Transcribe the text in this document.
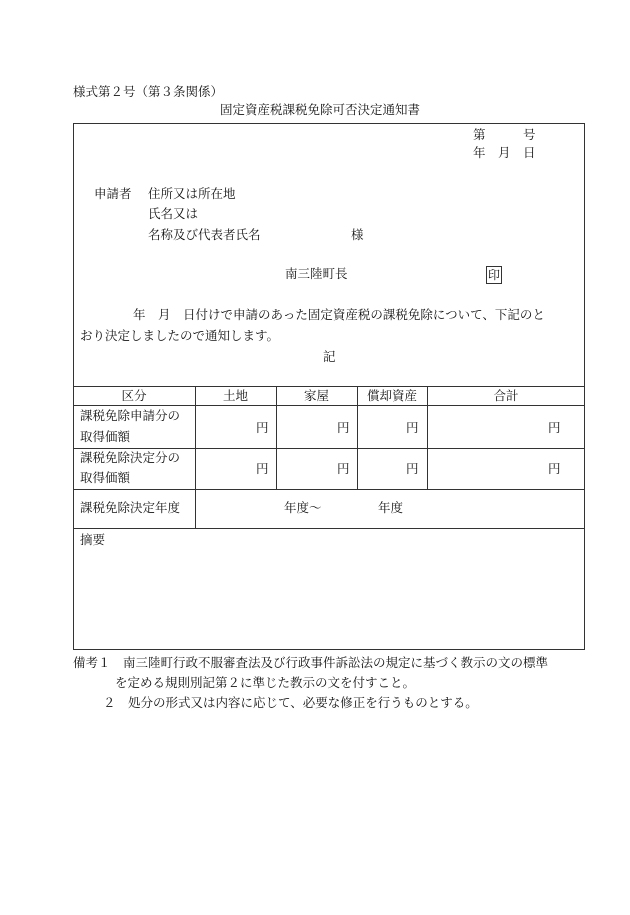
様式第２号（第３条関係）
固定資産税課税免除可否決定通知書
第　　　号
年　月　日
申請者 住所又は所在地
氏名又は
名称及び代表者氏名	様
南三陸町長	印
年　月　日付けで申請のあった固定資産税の課税免除について、下記のと
おり決定しましたので通知します。
記
区分	土地	家屋	償却資産	合計
課税免除申請分の
取得価額
円	円	円	円
課税免除決定分の
取得価額
円	円	円	円
課税免除決定年度	年度～	年度
摘要
備考１　南三陸町行政不服審査法及び行政事件訴訟法の規定に基づく教示の文の標準
を定める規則別記第２に準じた教示の文を付すこと。
２　処分の形式又は内容に応じて、必要な修正を行うものとする。
